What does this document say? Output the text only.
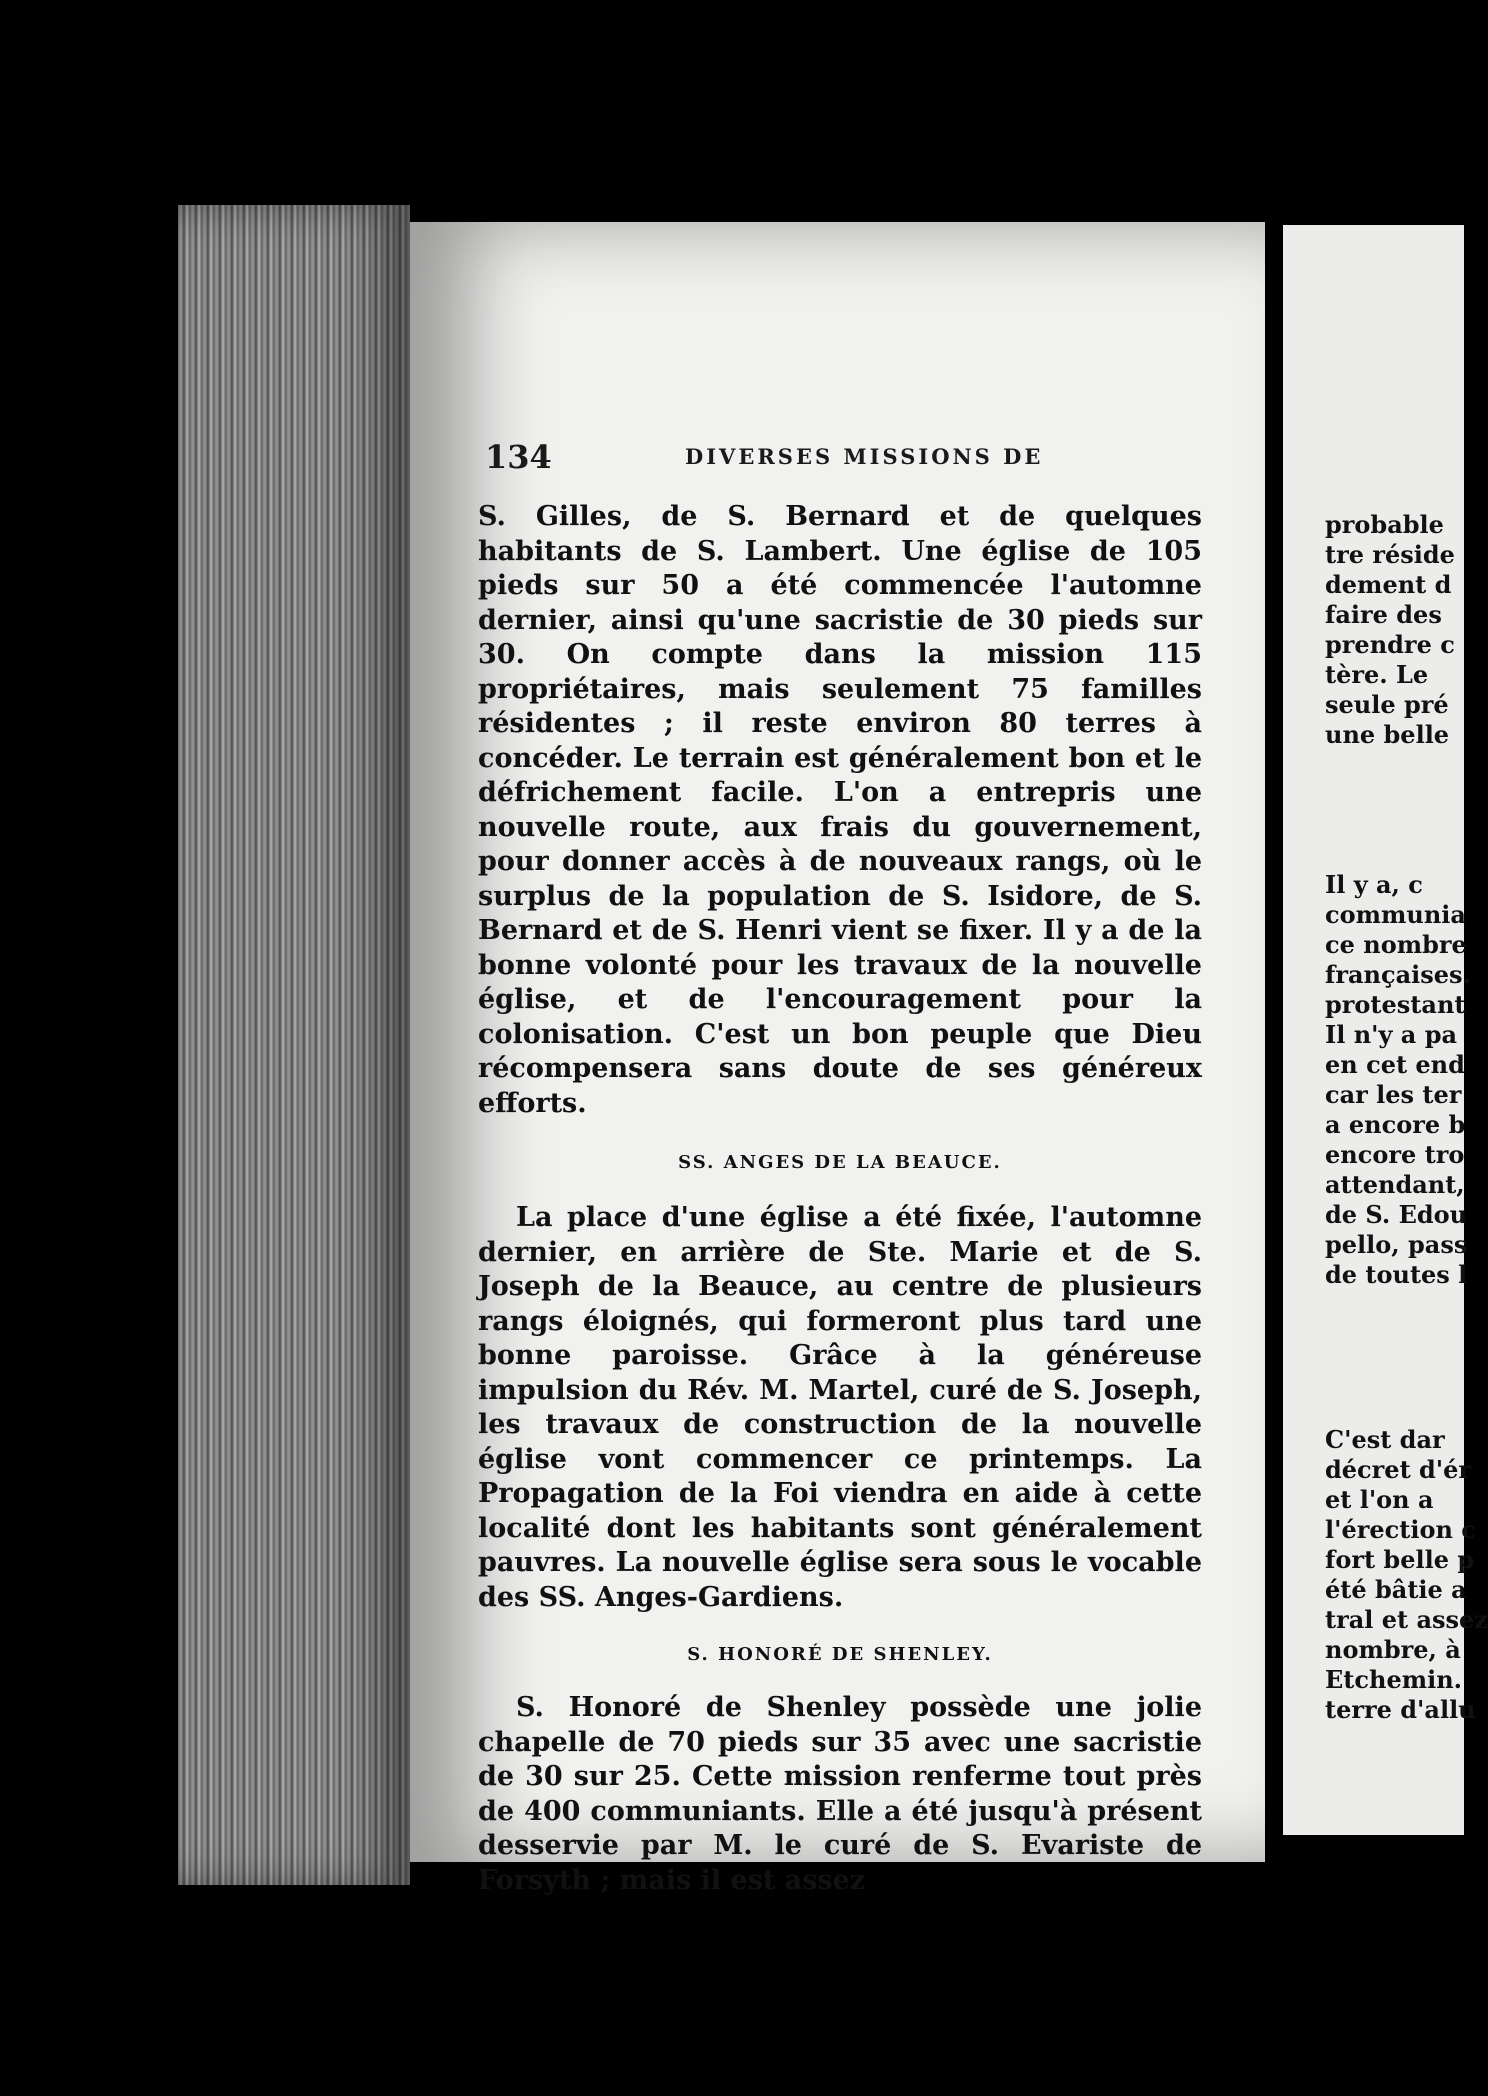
134	DIVERSES MISSIONS DE

S. Gilles, de S. Bernard et de quelques habitants de S. Lambert. Une église de 105 pieds sur 50 a été commencée l'automne dernier, ainsi qu'une sacristie de 30 pieds sur 30. On compte dans la mission 115 propriétaires, mais seulement 75 familles résidentes ; il reste environ 80 terres à concéder. Le terrain est généralement bon et le défrichement facile. L'on a entrepris une nouvelle route, aux frais du gouvernement, pour donner accès à de nouveaux rangs, où le surplus de la population de S. Isidore, de S. Bernard et de S. Henri vient se fixer. Il y a de la bonne volonté pour les travaux de la nouvelle église, et de l'encouragement pour la colonisation. C'est un bon peuple que Dieu récompensera sans doute de ses généreux efforts.

SS. ANGES DE LA BEAUCE.

La place d'une église a été fixée, l'automne dernier, en arrière de Ste. Marie et de S. Joseph de la Beauce, au centre de plusieurs rangs éloignés, qui formeront plus tard une bonne paroisse. Grâce à la généreuse impulsion du Rév. M. Martel, curé de S. Joseph, les travaux de construction de la nouvelle église vont commencer ce printemps. La Propagation de la Foi viendra en aide à cette localité dont les habitants sont généralement pauvres. La nouvelle église sera sous le vocable des SS. Anges-Gardiens.

S. HONORÉ DE SHENLEY.

S. Honoré de Shenley possède une jolie chapelle de 70 pieds sur 35 avec une sacristie de 30 sur 25. Cette mission renferme tout près de 400 communiants. Elle a été jusqu'à présent desservie par M. le curé de S. Evariste de Forsyth ; mais il est assez

probable
tre réside
dement d
faire des
prendre c
tère. Le
seule pré
une belle
Il y a, c
communia
ce nombre
françaises.
protestant
Il n'y a pa
en cet end
car les ter
a encore b
encore tro
attendant,
de S. Edou
pello, pass
de toutes l
C'est dar
décret d'ér
et l'on a
l'érection c
fort belle p
été bâtie a
tral et assez
nombre, à
Etchemin.
terre d'allu
